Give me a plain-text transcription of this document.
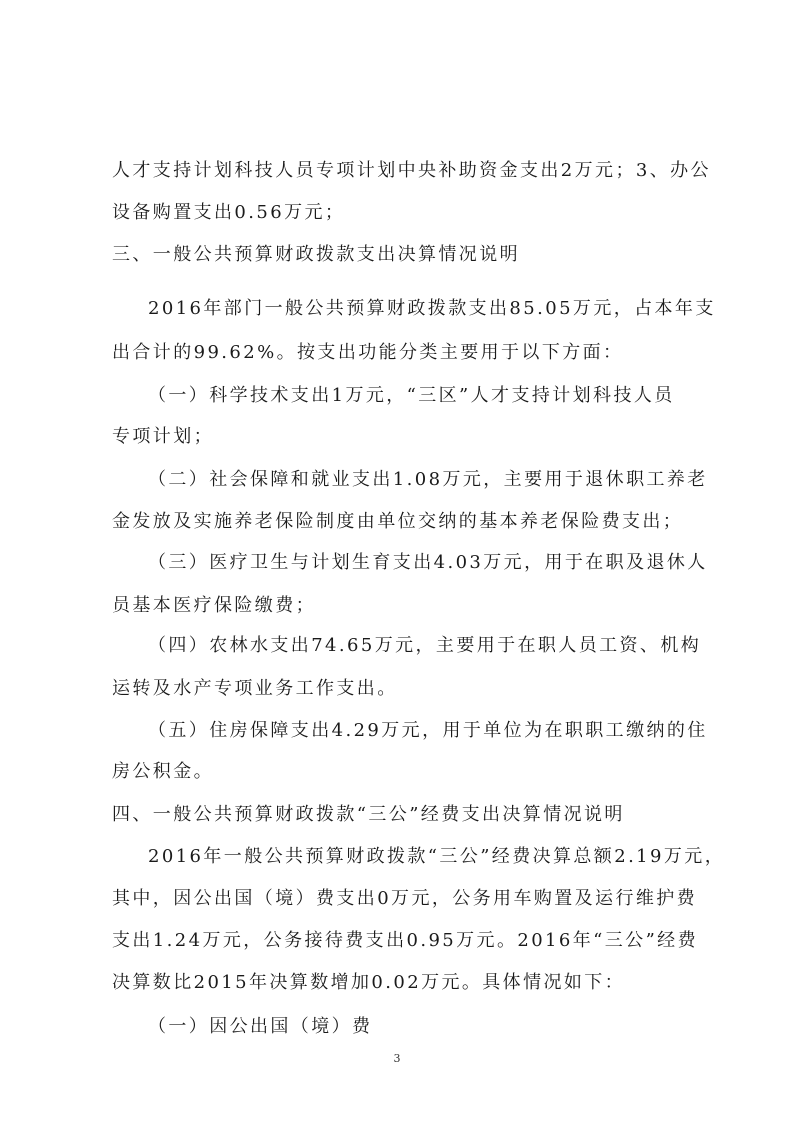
人才支持计划科技人员专项计划中央补助资金支出2万元；3、办公
设备购置支出0.56万元；
三、一般公共预算财政拨款支出决算情况说明
2016年部门一般公共预算财政拨款支出85.05万元，占本年支
出合计的99.62%。按支出功能分类主要用于以下方面：
（一）科学技术支出1万元，“三区”人才支持计划科技人员
专项计划；
（二）社会保障和就业支出1.08万元，主要用于退休职工养老
金发放及实施养老保险制度由单位交纳的基本养老保险费支出；
（三）医疗卫生与计划生育支出4.03万元，用于在职及退休人
员基本医疗保险缴费；
（四）农林水支出74.65万元，主要用于在职人员工资、机构
运转及水产专项业务工作支出。
（五）住房保障支出4.29万元，用于单位为在职职工缴纳的住
房公积金。
四、一般公共预算财政拨款“三公”经费支出决算情况说明
2016年一般公共预算财政拨款“三公”经费决算总额2.19万元，
其中，因公出国（境）费支出0万元，公务用车购置及运行维护费
支出1.24万元，公务接待费支出0.95万元。2016年“三公”经费
决算数比2015年决算数增加0.02万元。具体情况如下：
（一）因公出国（境）费
3
